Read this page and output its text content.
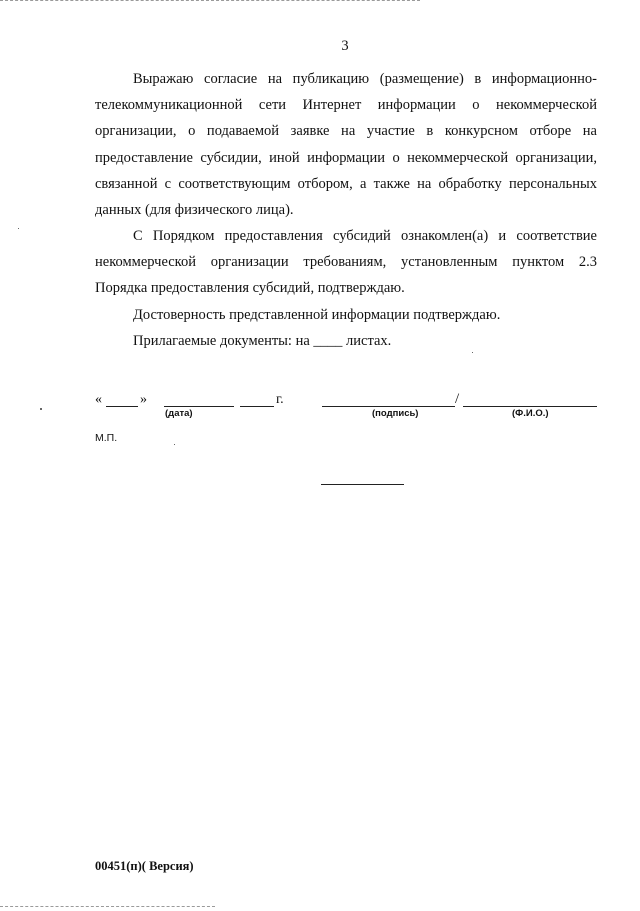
3

Выражаю согласие на публикацию (размещение) в информационно-телекоммуникационной сети Интернет информации о некоммерческой организации, о подаваемой заявке на участие в конкурсном отборе на предоставление субсидии, иной информации о некоммерческой организации, связанной с соответствующим отбором, а также на обработку персональных данных (для физического лица).

С Порядком предоставления субсидий ознакомлен(а) и соответствие некоммерческой организации требованиям, установленным пунктом 2.3 Порядка предоставления субсидий, подтверждаю.

Достоверность представленной информации подтверждаю.

Прилагаемые документы: на ____ листах.

«	»	г.	/
(дата)	(подпись)	(Ф.И.О.)
М.П.
00451(п)( Версия)
